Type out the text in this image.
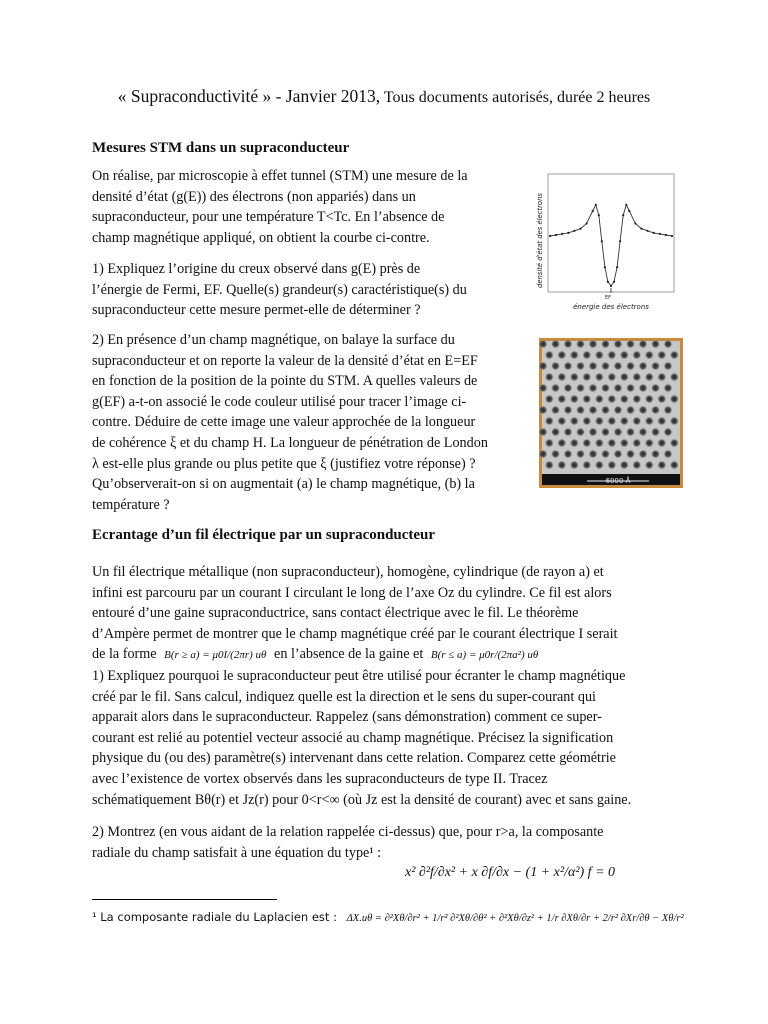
« Supraconductivité » - Janvier 2013, Tous documents autorisés, durée 2 heures
Mesures STM dans un supraconducteur
On réalise, par microscopie à effet tunnel (STM) une mesure de la
densité d’état (g(E)) des électrons (non appariés) dans un
supraconducteur, pour une température T<Tc. En l’absence de
champ magnétique appliqué, on obtient la courbe ci-contre.
1) Expliquez l’origine du creux observé dans g(E) près de
l’énergie de Fermi, EF. Quelle(s) grandeur(s) caractéristique(s) du
supraconducteur cette mesure permet-elle de déterminer ?
densité d'état des électrons
EF
énergie des électrons
2) En présence d’un champ magnétique, on balaye la surface du
supraconducteur et on reporte la valeur de la densité d’état en E=EF
en fonction de la position de la pointe du STM. A quelles valeurs de
g(EF) a-t-on associé le code couleur utilisé pour tracer l’image ci-
contre. Déduire de cette image une valeur approchée de la longueur
de cohérence ξ et du champ H. La longueur de pénétration de London
λ est-elle plus grande ou plus petite que ξ (justifiez votre réponse) ?
Qu’observerait-on si on augmentait (a) le champ magnétique, (b) la
température ?
6000 Å
Ecrantage d’un fil électrique par un supraconducteur
Un fil électrique métallique (non supraconducteur), homogène, cylindrique (de rayon a) et
infini est parcouru par un courant I circulant le long de l’axe Oz du cylindre. Ce fil est alors
entouré d’une gaine supraconductrice, sans contact électrique avec le fil. Le théorème
d’Ampère permet de montrer que le champ magnétique créé par le courant électrique I serait
de la forme B(r ≥ a) = μ0I/(2πr) uθ en l’absence de la gaine et B(r ≤ a) = μ0r/(2πa²) uθ
1) Expliquez pourquoi le supraconducteur peut être utilisé pour écranter le champ magnétique
créé par le fil. Sans calcul, indiquez quelle est la direction et le sens du super-courant qui
apparait alors dans le supraconducteur. Rappelez (sans démonstration) comment ce super-
courant est relié au potentiel vecteur associé au champ magnétique. Précisez la signification
physique du (ou des) paramètre(s) intervenant dans cette relation. Comparez cette géométrie
avec l’existence de vortex observés dans les supraconducteurs de type II. Tracez
schématiquement Bθ(r) et Jz(r) pour 0<r<∞ (où Jz est la densité de courant) avec et sans gaine.
2) Montrez (en vous aidant de la relation rappelée ci-dessus) que, pour r>a, la composante
radiale du champ satisfait à une équation du type¹ :
x² ∂²f/∂x² + x ∂f/∂x − (1 + x²/α²) f = 0
¹ La composante radiale du Laplacien est : ΔX.uθ = ∂²Xθ/∂r² + 1/r² ∂²Xθ/∂θ² + ∂²Xθ/∂z² + 1/r ∂Xθ/∂r + 2/r² ∂Xr/∂θ − Xθ/r²
